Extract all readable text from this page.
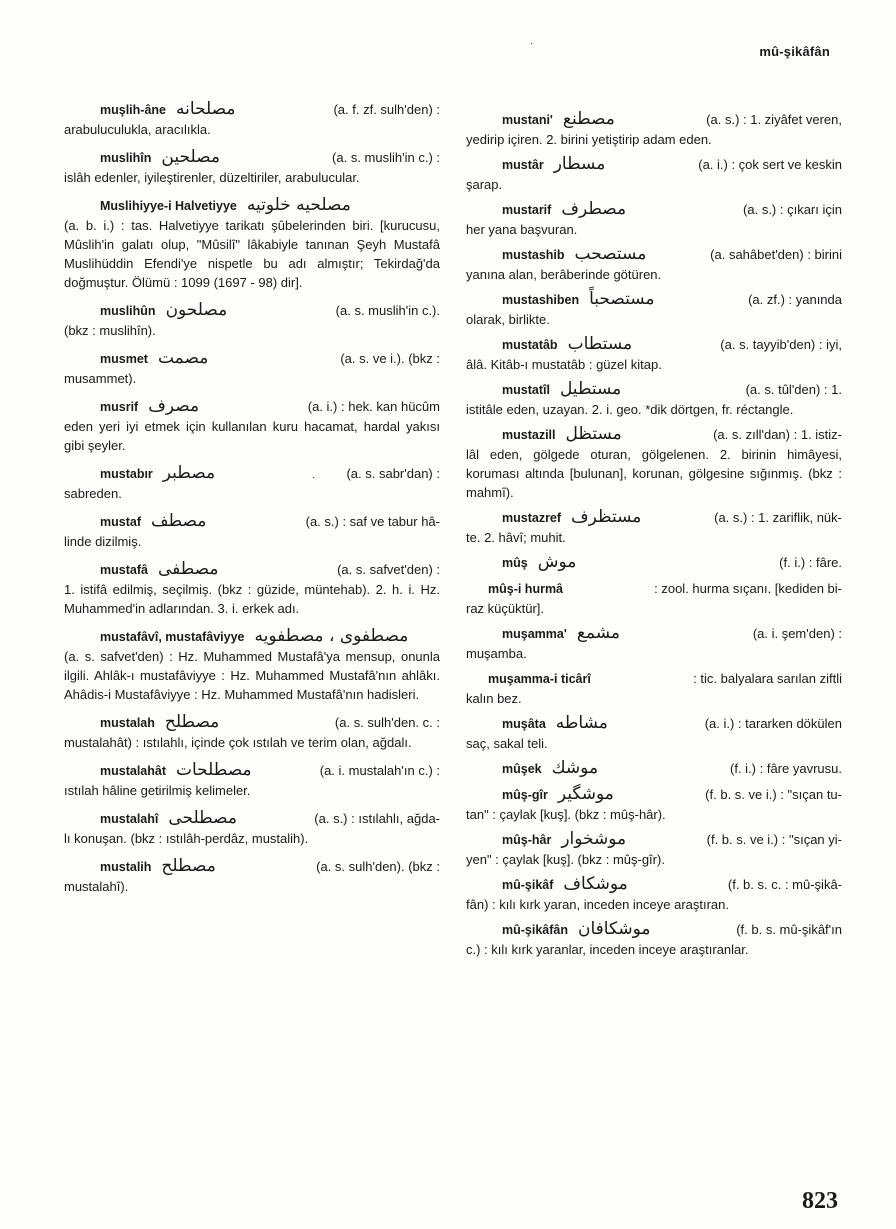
mû-şikâfân
muşlih-âne مصلحانه	(a. f. zf. sulh'den) :
arabuluculukla, aracılıkla.
muslihîn مصلحين	(a. s. muslih'in c.) :
islâh edenler, iyileştirenler, düzeltiriler, arabulucular.
Muslihiyye-i Halvetiyye مصلحيه خلوتيه
(a. b. i.) : tas. Halvetiyye tarikatı şûbelerinden biri. [kurucusu, Mûslih'in galatı olup, "Mûsilî" lâkabiyle tanınan Şeyh Mustafâ Muslihüddin Efendi'ye nispetle bu adı almıştır; Tekirdağ'da doğmuştur. Ölümü : 1099 (1697 - 98) dir].
muslihûn مصلحون	(a. s. muslih'in c.).
(bkz : muslihîn).
musmet مصمت	(a. s. ve i.). (bkz :
musammet).
musrif مصرف	(a. i.) : hek. kan hücûm
eden yeri iyi etmek için kullanılan kuru hacamat, hardal yakısı gibi şeyler.
mustabır مصطبر	(a. s. sabr'dan) :
sabreden.
mustaf مصطف	(a. s.) : saf ve tabur hâ-
linde dizilmiş.
mustafâ مصطفى	(a. s. safvet'den) :
1. istifâ edilmiş, seçilmiş. (bkz : güzide, müntehab). 2. h. i. Hz. Muhammed'in adlarından. 3. i. erkek adı.
mustafâvî, mustafâviyye مصطفوى ، مصطفويه
(a. s. safvet'den) : Hz. Muhammed Mustafâ'ya mensup, onunla ilgili. Ahlâk-ı mustafâviyye : Hz. Muhammed Mustafâ'nın ahlâkı. Ahâdis-i Mustafâviyye : Hz. Muhammed Mustafâ'nın hadisleri.
mustalah مصطلح	(a. s. sulh'den. c. :
mustalahât) : ıstılahlı, içinde çok ıstılah ve terim olan, ağdalı.
mustalahât مصطلحات	(a. i. mustalah'ın c.) :
ıstılah hâline getirilmiş kelimeler.
mustalahî مصطلحى	(a. s.) : ıstılahlı, ağda-
lı konuşan. (bkz : ıstılâh-perdâz, mustalih).
mustalih مصطلح	(a. s. sulh'den). (bkz :
mustalahî).
mustani' مصطنع	(a. s.) : 1. ziyâfet veren,
yedirip içiren. 2. birini yetiştirip adam eden.
mustâr مسطار	(a. i.) : çok sert ve keskin
şarap.
mustarif مصطرف	(a. s.) : çıkarı için
her yana başvuran.
mustashib مستصحب	(a. sahâbet'den) : birini
yanına alan, berâberinde götüren.
mustashiben مستصحباً	(a. zf.) : yanında
olarak, birlikte.
mustatâb مستطاب	(a. s. tayyib'den) : iyi,
âlâ. Kitâb-ı mustatâb : güzel kitap.
mustatîl مستطيل	(a. s. tûl'den) : 1.
istitâle eden, uzayan. 2. i. geo. *dik dörtgen, fr. réctangle.
mustazill مستظل	(a. s. zıll'dan) : 1. istiz-
lâl eden, gölgede oturan, gölgelenen. 2. birinin himâyesi, koruması altında [bulunan], korunan, gölgesine sığınmış. (bkz : mahmî).
mustazref مستظرف	(a. s.) : 1. zariflik, nük-
te. 2. hâvî; muhit.
mûş موش	(f. i.) : fâre.
mûş-i hurmâ	: zool. hurma sıçanı. [kediden bi-
raz küçüktür].
muşamma' مشمع	(a. i. şem'den) :
muşamba.
muşamma-i ticârî	: tic. balyalara sarılan ziftli
kalın bez.
muşâta مشاطه	(a. i.) : tararken dökülen
saç, sakal teli.
mûşek موشك	(f. i.) : fâre yavrusu.
mûş-gîr موشگير	(f. b. s. ve i.) : "sıçan tu-
tan" : çaylak [kuş]. (bkz : mûş-hâr).
mûş-hâr موشخوار	(f. b. s. ve i.) : "sıçan yi-
yen" : çaylak [kuş]. (bkz : mûş-gîr).
mû-şikâf موشكاف	(f. b. s. c. : mû-şikâ-
fân) : kılı kırk yaran, inceden inceye araştıran.
mû-şikâfân موشكافان	(f. b. s. mû-şikâf'ın
c.) : kılı kırk yaranlar, inceden inceye araştıranlar.
·
·
823
